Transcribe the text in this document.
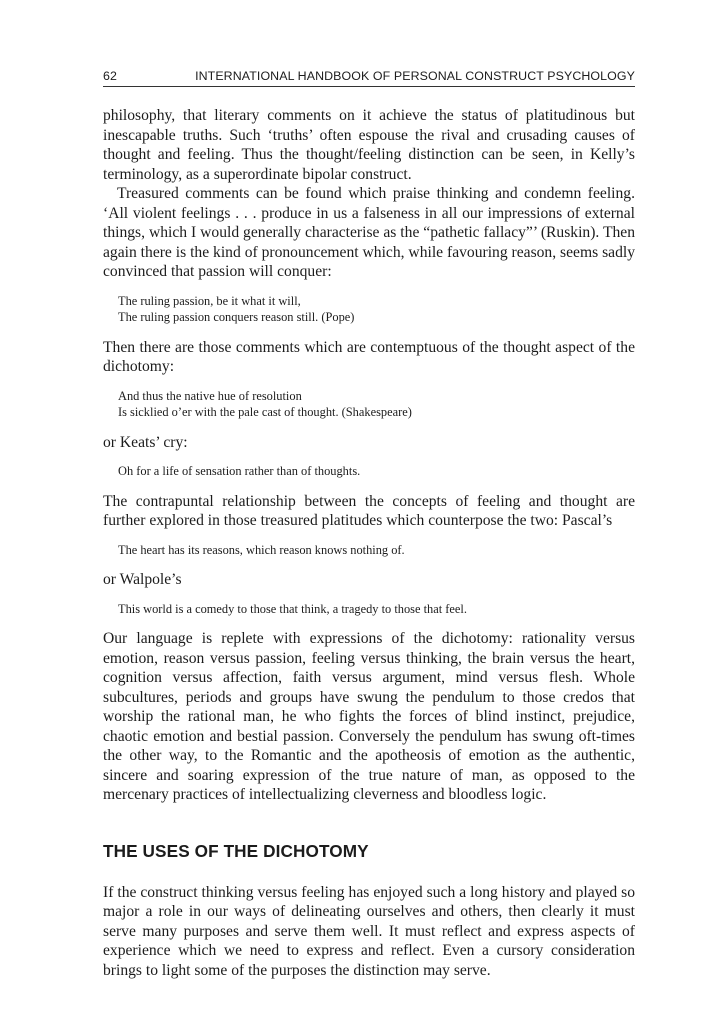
62	INTERNATIONAL HANDBOOK OF PERSONAL CONSTRUCT PSYCHOLOGY

philosophy, that literary comments on it achieve the status of platitudinous but inescapable truths. Such ‘truths’ often espouse the rival and crusading causes of thought and feeling. Thus the thought/feeling distinction can be seen, in Kelly’s terminology, as a superordinate bipolar construct.

Treasured comments can be found which praise thinking and condemn feeling. ‘All violent feelings . . . produce in us a falseness in all our impressions of external things, which I would generally characterise as the “pathetic fallacy”’ (Ruskin). Then again there is the kind of pronouncement which, while favouring reason, seems sadly convinced that passion will conquer:

The ruling passion, be it what it will,
The ruling passion conquers reason still. (Pope)

Then there are those comments which are contemptuous of the thought aspect of the dichotomy:

And thus the native hue of resolution
Is sicklied o’er with the pale cast of thought. (Shakespeare)

or Keats’ cry:

Oh for a life of sensation rather than of thoughts.

The contrapuntal relationship between the concepts of feeling and thought are further explored in those treasured platitudes which counterpose the two: Pascal’s

The heart has its reasons, which reason knows nothing of.

or Walpole’s

This world is a comedy to those that think, a tragedy to those that feel.

Our language is replete with expressions of the dichotomy: rationality versus emotion, reason versus passion, feeling versus thinking, the brain versus the heart, cognition versus affection, faith versus argument, mind versus flesh. Whole subcultures, periods and groups have swung the pendulum to those credos that worship the rational man, he who fights the forces of blind instinct, prejudice, chaotic emotion and bestial passion. Conversely the pendulum has swung oft-times the other way, to the Romantic and the apotheosis of emotion as the authentic, sincere and soaring expression of the true nature of man, as opposed to the mercenary practices of intellectualizing cleverness and bloodless logic.

THE USES OF THE DICHOTOMY

If the construct thinking versus feeling has enjoyed such a long history and played so major a role in our ways of delineating ourselves and others, then clearly it must serve many purposes and serve them well. It must reflect and express aspects of experience which we need to express and reflect. Even a cursory consideration brings to light some of the purposes the distinction may serve.
